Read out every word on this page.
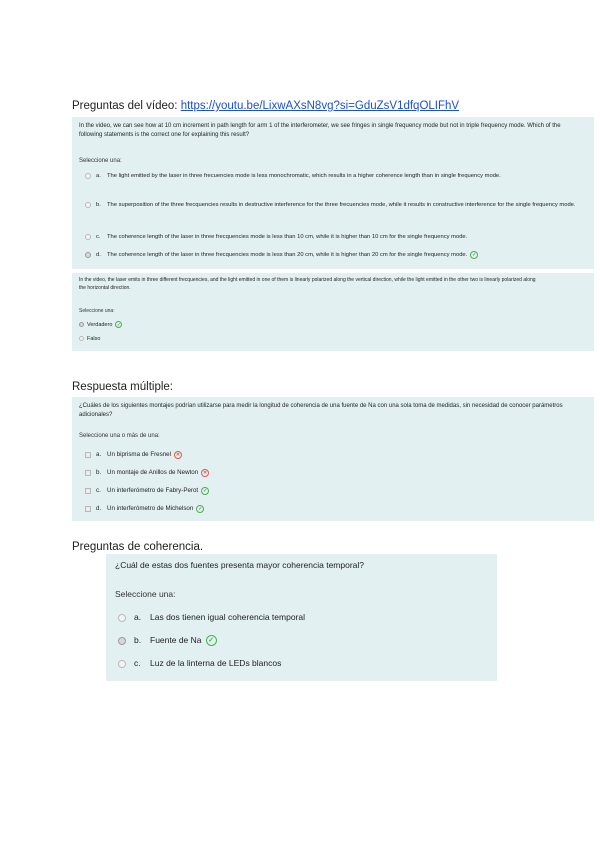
Preguntas del vídeo: https://youtu.be/LixwAXsN8vg?si=GduZsV1dfqOLIFhV
In the video, we can see how at 10 cm increment in path length for arm 1 of the interferometer, we see fringes in single frequency mode but not in triple frequency mode. Which of the following statements is the correct one for explaining this result?
Seleccione una:
a.	The light emitted by the laser in three frecuencies mode is less monochromatic, which results in a higher coherence length than in single frequency mode.
b.	The superposition of the three frecquencies results in destructive interference for the three frecuencies mode, while it results in constructive interference for the single frequency mode.
c.	The coherence length of the laser in three frecquencies mode is less than 10 cm, while it is higher than 10 cm for the single frequency mode.
d.	The coherence length of the laser in three frecquencies mode is less than 20 cm, while it is higher than 20 cm for the single frequency mode. ✓
In the video, the laser emits in three different frecquencies, and the light emitted in one of them is linearly polarized along the vertical direction, while the light emitted in the other two is linearly polarized along the horizontal direction.
Seleccione una:
Verdadero	✓
Falso
Respuesta múltiple:
¿Cuáles de los siguientes montajes podrían utilizarse para medir la longitud de coherencia de una fuente de Na con una sola toma de medidas, sin necesidad de conocer parámetros adicionales?
Seleccione una o más de una:
a. Un biprisma de Fresnel ✕
b. Un montaje de Anillos de Newton ✕
c. Un interferómetro de Fabry-Perot ✓
d. Un interferómetro de Michelson ✓
Preguntas de coherencia.
¿Cuál de estas dos fuentes presenta mayor coherencia temporal?
Seleccione una:
a.	Las dos tienen igual coherencia temporal
b.	Fuente de Na ✓
c.	Luz de la linterna de LEDs blancos
